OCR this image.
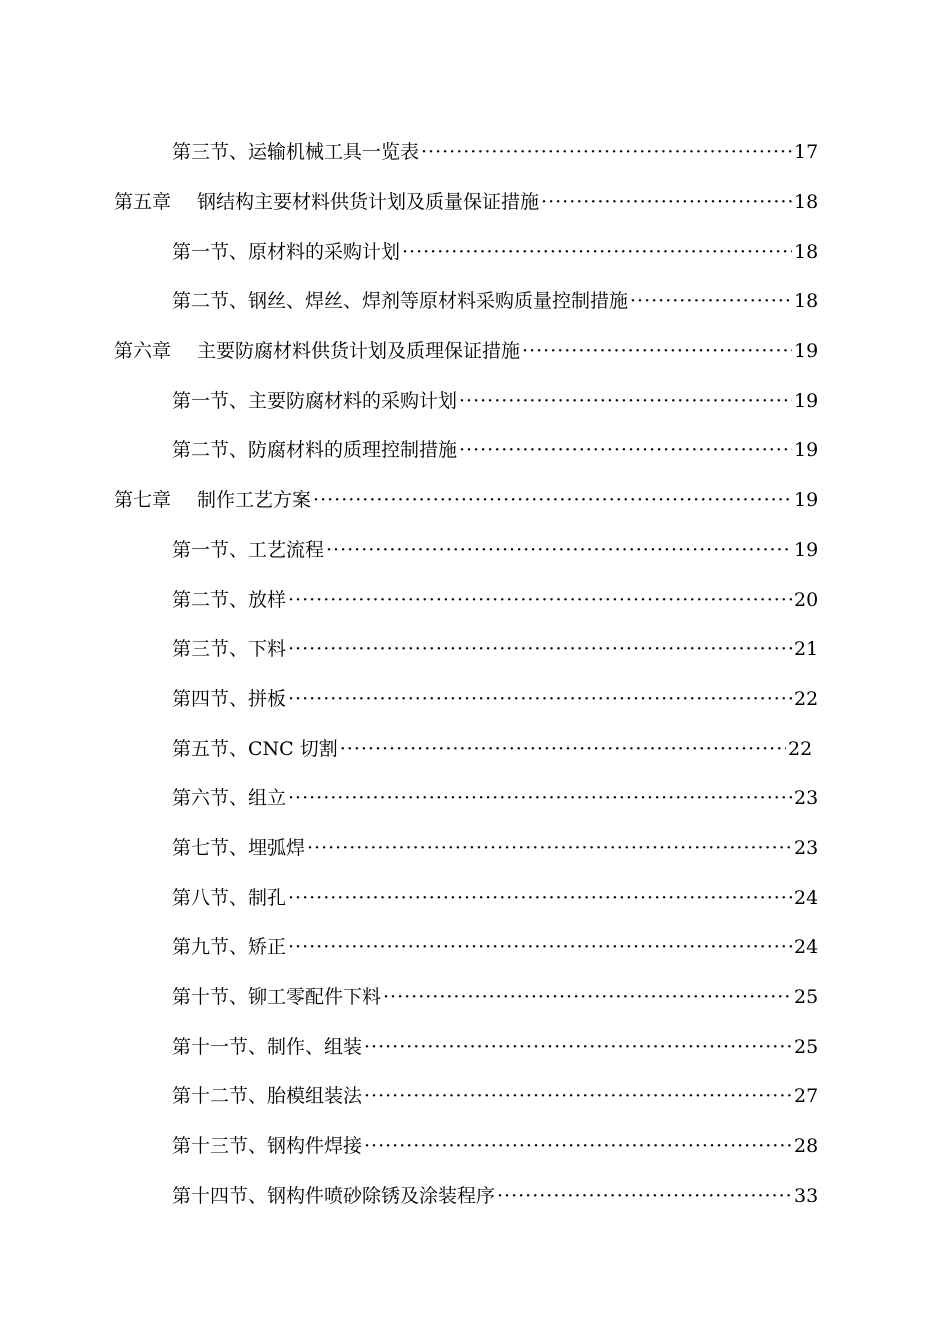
第三节、运输机械工具一览表 ·····	17
第五章 钢结构主要材料供货计划及质量保证措施 ·····	18
第一节、原材料的采购计划 ·····	18
第二节、钢丝、焊丝、焊剂等原材料采购质量控制措施 ·····	18
第六章 主要防腐材料供货计划及质理保证措施 ·····	19
第一节、主要防腐材料的采购计划 ·····	19
第二节、防腐材料的质理控制措施 ·····	19
第七章 制作工艺方案 ·····	19
第一节、工艺流程 ·····	19
第二节、放样 ·····	20
第三节、下料 ·····	21
第四节、拼板 ·····	22
第五节、CNC 切割 ·····	22
第六节、组立 ·····	23
第七节、埋弧焊 ·····	23
第八节、制孔 ·····	24
第九节、矫正 ·····	24
第十节、铆工零配件下料 ·····	25
第十一节、制作、组装 ·····	25
第十二节、胎模组装法 ·····	27
第十三节、钢构件焊接 ·····	28
第十四节、钢构件喷砂除锈及涂装程序 ·····	33
